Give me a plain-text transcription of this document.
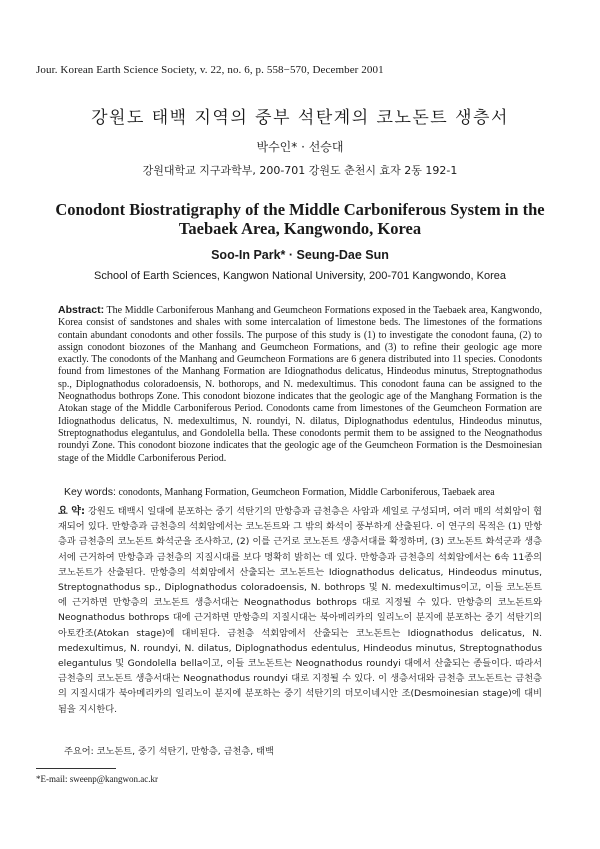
Jour. Korean Earth Science Society, v. 22, no. 6, p. 558−570, December 2001
강원도 태백 지역의 중부 석탄계의 코노돈트 생층서
박수인* · 선승대
강원대학교 지구과학부, 200-701 강원도 춘천시 효자 2동 192-1
Conodont Biostratigraphy of the Middle Carboniferous System in the Taebaek Area, Kangwondo, Korea
Soo-In Park* · Seung-Dae Sun
School of Earth Sciences, Kangwon National University, 200-701 Kangwondo, Korea
Abstract: The Middle Carboniferous Manhang and Geumcheon Formations exposed in the Taebaek area, Kangwondo, Korea consist of sandstones and shales with some intercalation of limestone beds. The limestones of the formations contain abundant conodonts and other fossils. The purpose of this study is (1) to investigate the conodont fauna, (2) to assign conodont biozones of the Manhang and Geumcheon Formations, and (3) to refine their geologic age more exactly. The conodonts of the Manhang and Geumcheon Formations are 6 genera distributed into 11 species. Conodonts found from limestones of the Manhang Formation are Idiognathodus delicatus, Hindeodus minutus, Streptognathodus sp., Diplognathodus coloradoensis, N. bothorops, and N. medexultimus. This conodont fauna can be assigned to the Neognathodus bothrops Zone. This conodont biozone indicates that the geologic age of the Manghang Formation is the Atokan stage of the Middle Carboniferous Period. Conodonts came from limestones of the Geumcheon Formation are Idiognathodus delicatus, N. medexultimus, N. roundyi, N. dilatus, Diplognathodus edentulus, Hindeodus minutus, Streptognathodus elegantulus, and Gondolella bella. These conodonts permit them to be assigned to the Neognathodus roundyi Zone. This conodont biozone indicates that the geologic age of the Geumcheon Formation is the Desmoinesian stage of the Middle Carboniferous Period.
Key words: conodonts, Manhang Formation, Geumcheon Formation, Middle Carboniferous, Taebaek area
요 약: 강원도 태백시 일대에 분포하는 중기 석탄기의 만항층과 금천층은 사암과 셰일로 구성되며, 여러 매의 석회암이 협재되어 있다. 만항층과 금천층의 석회암에서는 코노돈트와 그 밖의 화석이 풍부하게 산출된다. 이 연구의 목적은 (1) 만항층과 금천층의 코노돈트 화석군을 조사하고, (2) 이를 근거로 코노돈트 생층서대를 확정하며, (3) 코노돈트 화석군과 생층서에 근거하여 만항층과 금천층의 지질시대를 보다 명확히 밝히는 데 있다. 만항층과 금천층의 석회암에서는 6속 11종의 코노돈트가 산출된다. 만항층의 석회암에서 산출되는 코노돈트는 Idiognathodus delicatus, Hindeodus minutus, Streptognathodus sp., Diplognathodus coloradoensis, N. bothrops 및 N. medexultimus이고, 이들 코노돈트에 근거하면 만항층의 코노돈트 생층서대는 Neognathodus bothrops 대로 지정될 수 있다. 만항층의 코노돈트와 Neognathodus bothrops 대에 근거하면 만항층의 지질시대는 북아메리카의 일리노이 분지에 분포하는 중기 석탄기의 아토칸조(Atokan stage)에 대비된다. 금천층 석회암에서 산출되는 코노돈트는 Idiognathodus delicatus, N. medexultimus, N. roundyi, N. dilatus, Diplognathodus edentulus, Hindeodus minutus, Streptognathodus elegantulus 및 Gondolella bella이고, 이들 코노돈트는 Neognathodus roundyi 대에서 산출되는 종들이다. 따라서 금천층의 코노돈트 생층서대는 Neognathodus roundyi 대로 지정될 수 있다. 이 생층서대와 금천층 코노돈트는 금천층의 지질시대가 북아메리카의 일리노이 분지에 분포하는 중기 석탄기의 더모이네시안 조(Desmoinesian stage)에 대비됨을 지시한다.
주요어: 코노돈트, 중기 석탄기, 만항층, 금천층, 태백
*E-mail: sweenp@kangwon.ac.kr
